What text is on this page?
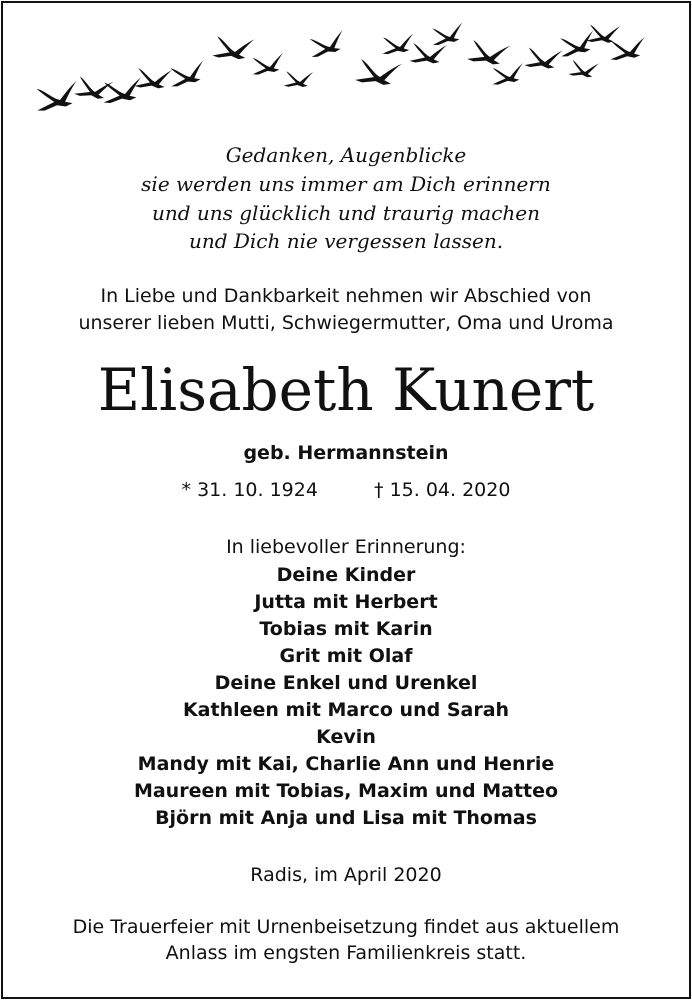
Gedanken, Augenblicke
sie werden uns immer am Dich erinnern
und uns glücklich und traurig machen
und Dich nie vergessen lassen.
In Liebe und Dankbarkeit nehmen wir Abschied von
unserer lieben Mutti, Schwiegermutter, Oma und Uroma
Elisabeth Kunert
geb. Hermannstein
* 31. 10. 1924	† 15. 04. 2020
In liebevoller Erinnerung:
Deine Kinder
Jutta mit Herbert
Tobias mit Karin
Grit mit Olaf
Deine Enkel und Urenkel
Kathleen mit Marco und Sarah
Kevin
Mandy mit Kai, Charlie Ann und Henrie
Maureen mit Tobias, Maxim und Matteo
Björn mit Anja und Lisa mit Thomas
Radis, im April 2020
Die Trauerfeier mit Urnenbeisetzung findet aus aktuellem
Anlass im engsten Familienkreis statt.
